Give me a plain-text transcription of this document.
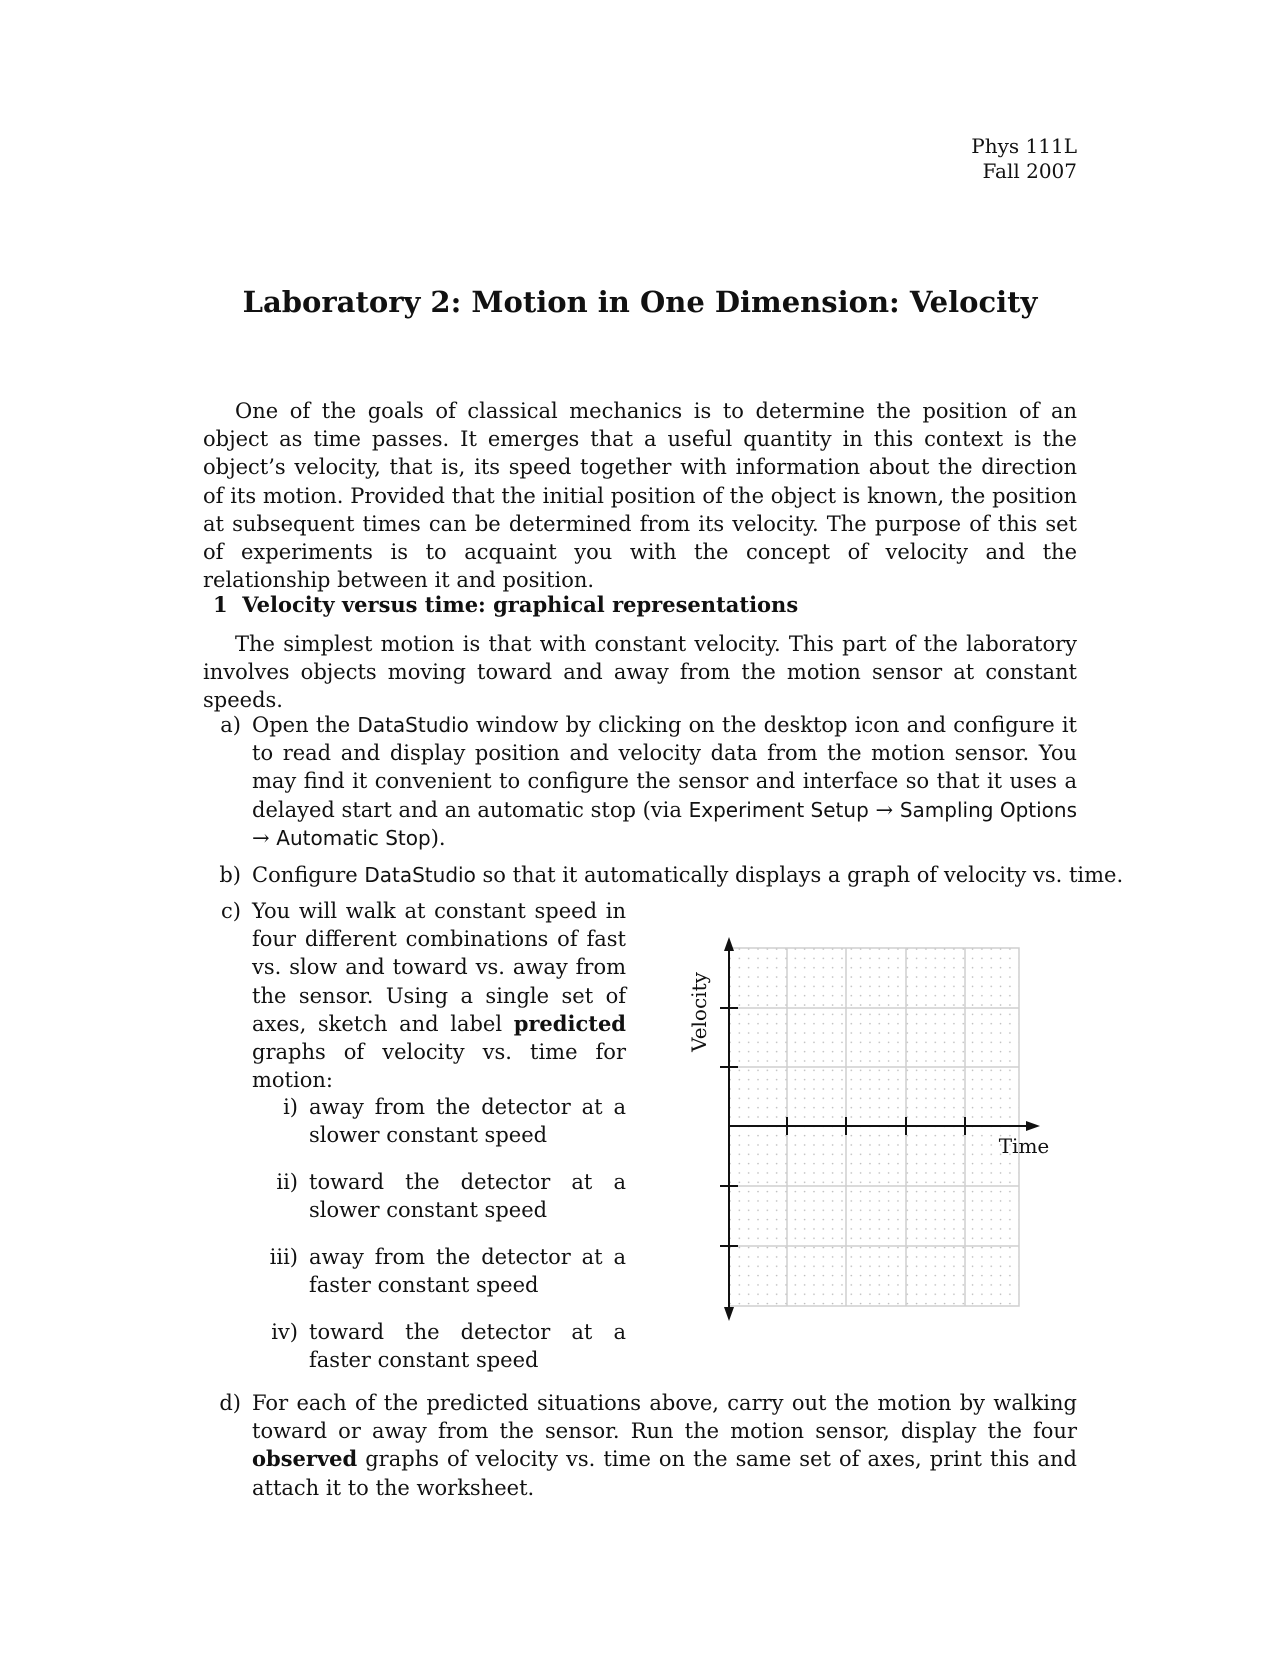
Phys 111L
Fall 2007
Laboratory 2: Motion in One Dimension: Velocity

One of the goals of classical mechanics is to determine the position of an object as time passes. It emerges that a useful quantity in this context is the object’s velocity, that is, its speed together with information about the direction of its motion. Provided that the initial position of the object is known, the position at subsequent times can be determined from its velocity. The purpose of this set of experiments is to acquaint you with the concept of velocity and the relationship between it and position.

1 Velocity versus time: graphical representations

The simplest motion is that with constant velocity. This part of the laboratory involves objects moving toward and away from the motion sensor at constant speeds.

a) Open the DataStudio window by clicking on the desktop icon and configure it to read and display position and velocity data from the motion sensor. You may find it convenient to configure the sensor and interface so that it uses a delayed start and an automatic stop (via Experiment Setup → Sampling Options → Automatic Stop).

b) Configure DataStudio so that it automatically displays a graph of velocity vs. time.

c) You will walk at constant speed in four different combinations of fast vs. slow and toward vs. away from the sensor. Using a single set of axes, sketch and label predicted graphs of velocity vs. time for motion:

i) away from the detector at a slower constant speed

ii) toward the detector at a slower constant speed

iii) away from the detector at a faster constant speed

iv) toward the detector at a faster constant speed

d) For each of the predicted situations above, carry out the motion by walking toward or away from the sensor. Run the motion sensor, display the four observed graphs of velocity vs. time on the same set of axes, print this and attach it to the worksheet.

Velocity
Time
